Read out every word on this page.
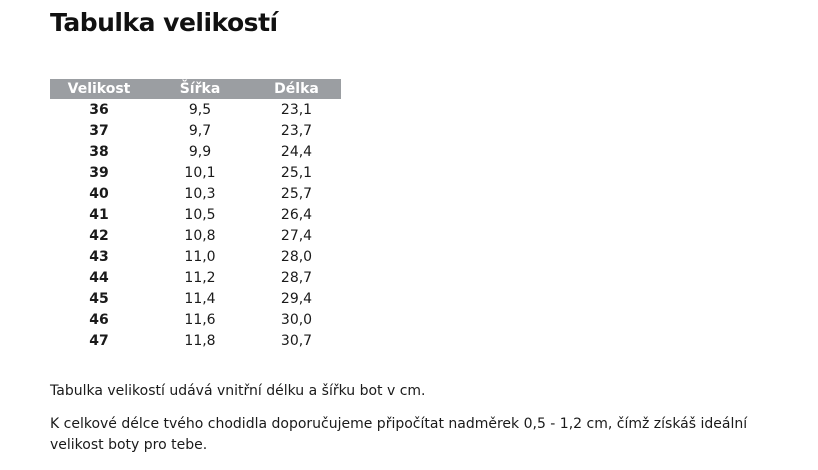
Tabulka velikostí
Velikost	Šířka	Délka
36	9,5	23,1
37	9,7	23,7
38	9,9	24,4
39	10,1	25,1
40	10,3	25,7
41	10,5	26,4
42	10,8	27,4
43	11,0	28,0
44	11,2	28,7
45	11,4	29,4
46	11,6	30,0
47	11,8	30,7

Tabulka velikostí udává vnitřní délku a šířku bot v cm.

K celkové délce tvého chodidla doporučujeme připočítat nadměrek 0,5 - 1,2 cm, čímž získáš ideální velikost boty pro tebe.
